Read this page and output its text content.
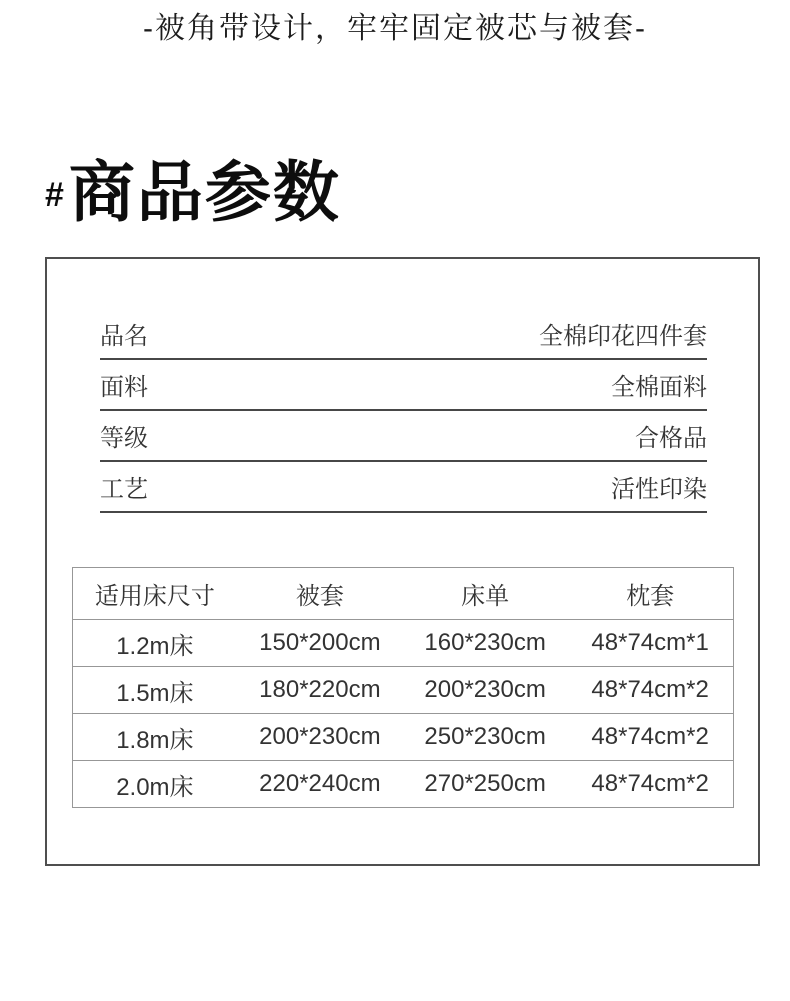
-被角带设计，牢牢固定被芯与被套-
# 商品参数
品名	全棉印花四件套
面料	全棉面料
等级	合格品
工艺	活性印染
适用床尺寸	被套	床单	枕套
1.2m床	150*200cm	160*230cm	48*74cm*1
1.5m床	180*220cm	200*230cm	48*74cm*2
1.8m床	200*230cm	250*230cm	48*74cm*2
2.0m床	220*240cm	270*250cm	48*74cm*2
